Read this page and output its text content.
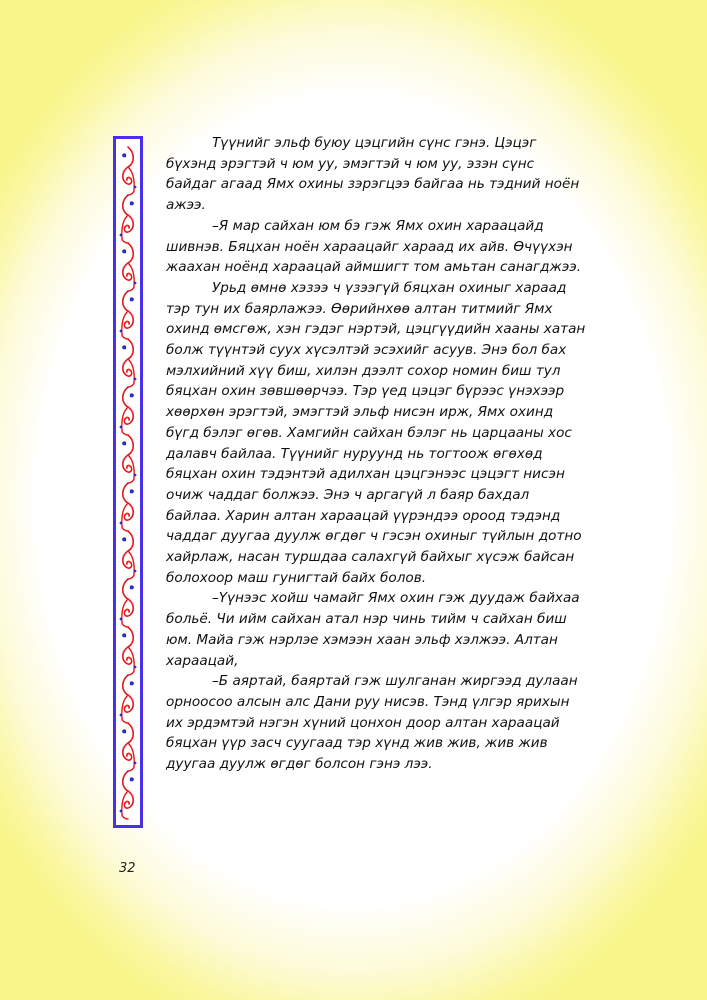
Түүнийг эльф буюу цэцгийн сүнс гэнэ. Цэцэг бүхэнд эрэгтэй ч юм уу, эмэгтэй ч юм уу, эзэн сүнс байдаг агаад Ямх охины зэрэгцээ байгаа нь тэдний ноён ажээ.

–Я мар сайхан юм бэ гэж Ямх охин хараацайд шивнэв. Бяцхан ноён хараацайг хараад их айв. Өчүүхэн жаахан ноёнд хараацай аймшигт том амьтан санагджээ.

Урьд өмнө хэзээ ч үзээгүй бяцхан охиныг хараад тэр тун их баярлажээ. Өөрийнхөө алтан титмийг Ямх охинд өмсгөж, хэн гэдэг нэртэй, цэцгүүдийн хааны хатан болж түүнтэй суух хүсэлтэй эсэхийг асуув. Энэ бол бах мэлхийний хүү биш, хилэн дээлт сохор номин биш тул бяцхан охин зөвшөөрчээ. Тэр үед цэцэг бүрээс үнэхээр хөөрхөн эрэгтэй, эмэгтэй эльф нисэн ирж, Ямх охинд бүгд бэлэг өгөв. Хамгийн сайхан бэлэг нь царцааны хос далавч байлаа. Түүнийг нуруунд нь тогтоож өгөхөд бяцхан охин тэдэнтэй адилхан цэцгэнээс цэцэгт нисэн очиж чаддаг болжээ. Энэ ч аргагүй л баяр бахдал байлаа. Харин алтан хараацай үүрэндээ ороод тэдэнд чаддаг дуугаа дуулж өгдөг ч гэсэн охиныг түйлын дотно хайрлаж, насан туршдаа салахгүй байхыг хүсэж байсан болохоор маш гунигтай байх болов.

–Үүнээс хойш чамайг Ямх охин гэж дуудаж байхаа больё. Чи ийм сайхан атал нэр чинь тийм ч сайхан биш юм. Майа гэж нэрлэе хэмээн хаан эльф хэлжээ. Алтан хараацай,

–Б аяртай, баяртай гэж шулганан жиргээд дулаан орноосоо алсын алс Дани руу нисэв. Тэнд үлгэр ярихын их эрдэмтэй нэгэн хүний цонхон доор алтан хараацай бяцхан үүр засч суугаад тэр хүнд жив жив, жив жив дуугаа дуулж өгдөг болсон гэнэ лээ.

32
